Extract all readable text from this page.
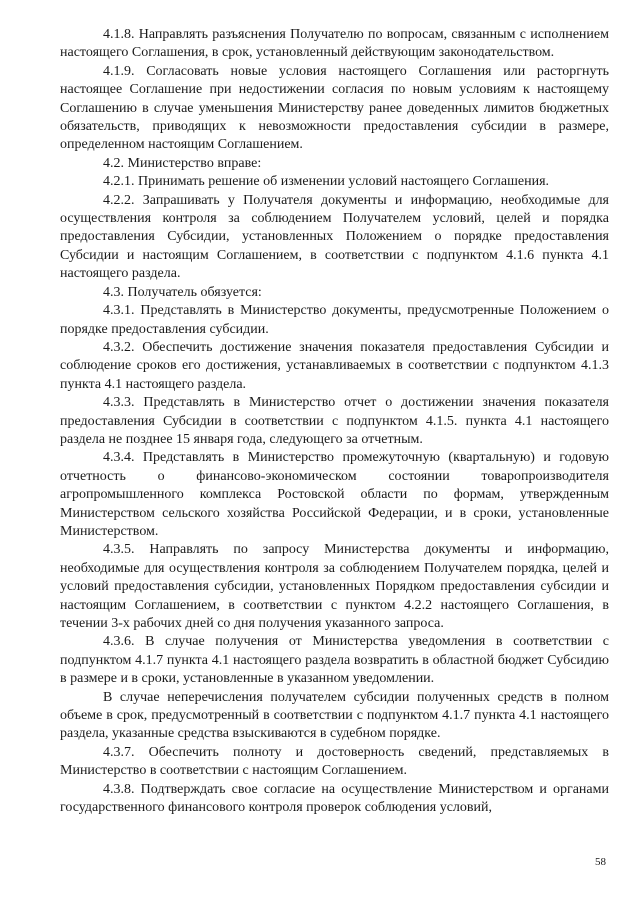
4.1.8. Направлять разъяснения Получателю по вопросам, связанным с исполнением настоящего Соглашения, в срок, установленный действующим законодательством.

4.1.9. Согласовать новые условия настоящего Соглашения или расторгнуть настоящее Соглашение при недостижении согласия по новым условиям к настоящему Соглашению в случае уменьшения Министерству ранее доведенных лимитов бюджетных обязательств, приводящих к невозможности предоставления субсидии в размере, определенном настоящим Соглашением.

4.2. Министерство вправе:

4.2.1. Принимать решение об изменении условий настоящего Соглашения.

4.2.2. Запрашивать у Получателя документы и информацию, необходимые для осуществления контроля за соблюдением Получателем условий, целей и порядка предоставления Субсидии, установленных Положением о порядке предоставления Субсидии и настоящим Соглашением, в соответствии с подпунктом 4.1.6 пункта 4.1 настоящего раздела.

4.3. Получатель обязуется:

4.3.1. Представлять в Министерство документы, предусмотренные Положением о порядке предоставления субсидии.

4.3.2. Обеспечить достижение значения показателя предоставления Субсидии и соблюдение сроков его достижения, устанавливаемых в соответствии с подпунктом 4.1.3 пункта 4.1 настоящего раздела.

4.3.3. Представлять в Министерство отчет о достижении значения показателя предоставления Субсидии в соответствии с подпунктом 4.1.5. пункта 4.1 настоящего раздела не позднее 15 января года, следующего за отчетным.

4.3.4. Представлять в Министерство промежуточную (квартальную) и годовую отчетность о финансово-экономическом состоянии товаропроизводителя агропромышленного комплекса Ростовской области по формам, утвержденным Министерством сельского хозяйства Российской Федерации, и в сроки, установленные Министерством.

4.3.5. Направлять по запросу Министерства документы и информацию, необходимые для осуществления контроля за соблюдением Получателем порядка, целей и условий предоставления субсидии, установленных Порядком предоставления субсидии и настоящим Соглашением, в соответствии с пунктом 4.2.2 настоящего Соглашения, в течении 3-х рабочих дней со дня получения указанного запроса.

4.3.6. В случае получения от Министерства уведомления в соответствии с подпунктом 4.1.7 пункта 4.1 настоящего раздела возвратить в областной бюджет Субсидию в размере и в сроки, установленные в указанном уведомлении.

В случае неперечисления получателем субсидии полученных средств в полном объеме в срок, предусмотренный в соответствии с подпунктом 4.1.7 пункта 4.1 настоящего раздела, указанные средства взыскиваются в судебном порядке.

4.3.7. Обеспечить полноту и достоверность сведений, представляемых в Министерство в соответствии с настоящим Соглашением.

4.3.8. Подтверждать свое согласие на осуществление Министерством и органами государственного финансового контроля проверок соблюдения условий,

58
